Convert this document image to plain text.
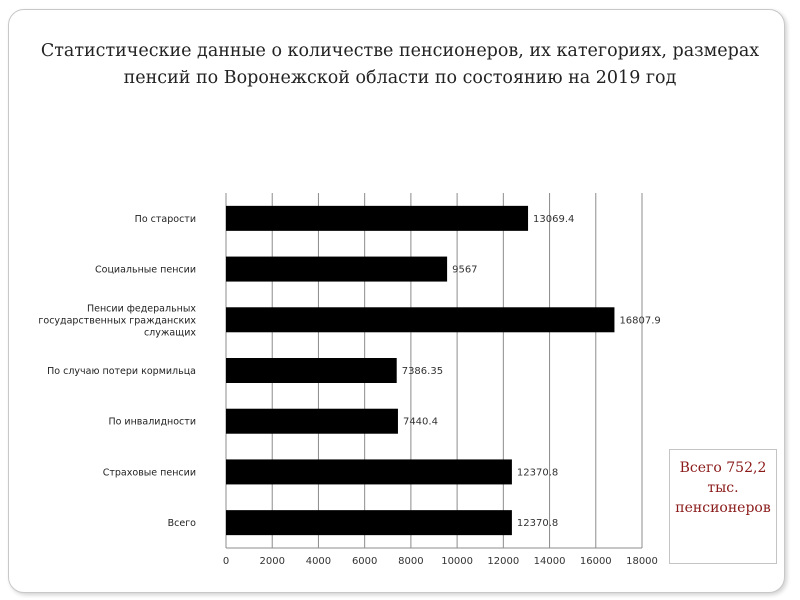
Статистические данные о количестве пенсионеров, их категориях, размерах пенсий по Воронежской области по состоянию на 2019 год
0	2000 4000 6000 8000 10000 12000 14000 16000 18000
По старости	13069.4
Социальные пенсии	9567
Пенсии федеральных государственных гражданских служащих
16807.9
По случаю потери кормильца	7386.35
По инвалидности	7440.4
Страховые пенсии	12370.8
Всего	12370.8
Всего 752,2 тыс. пенсионеров
